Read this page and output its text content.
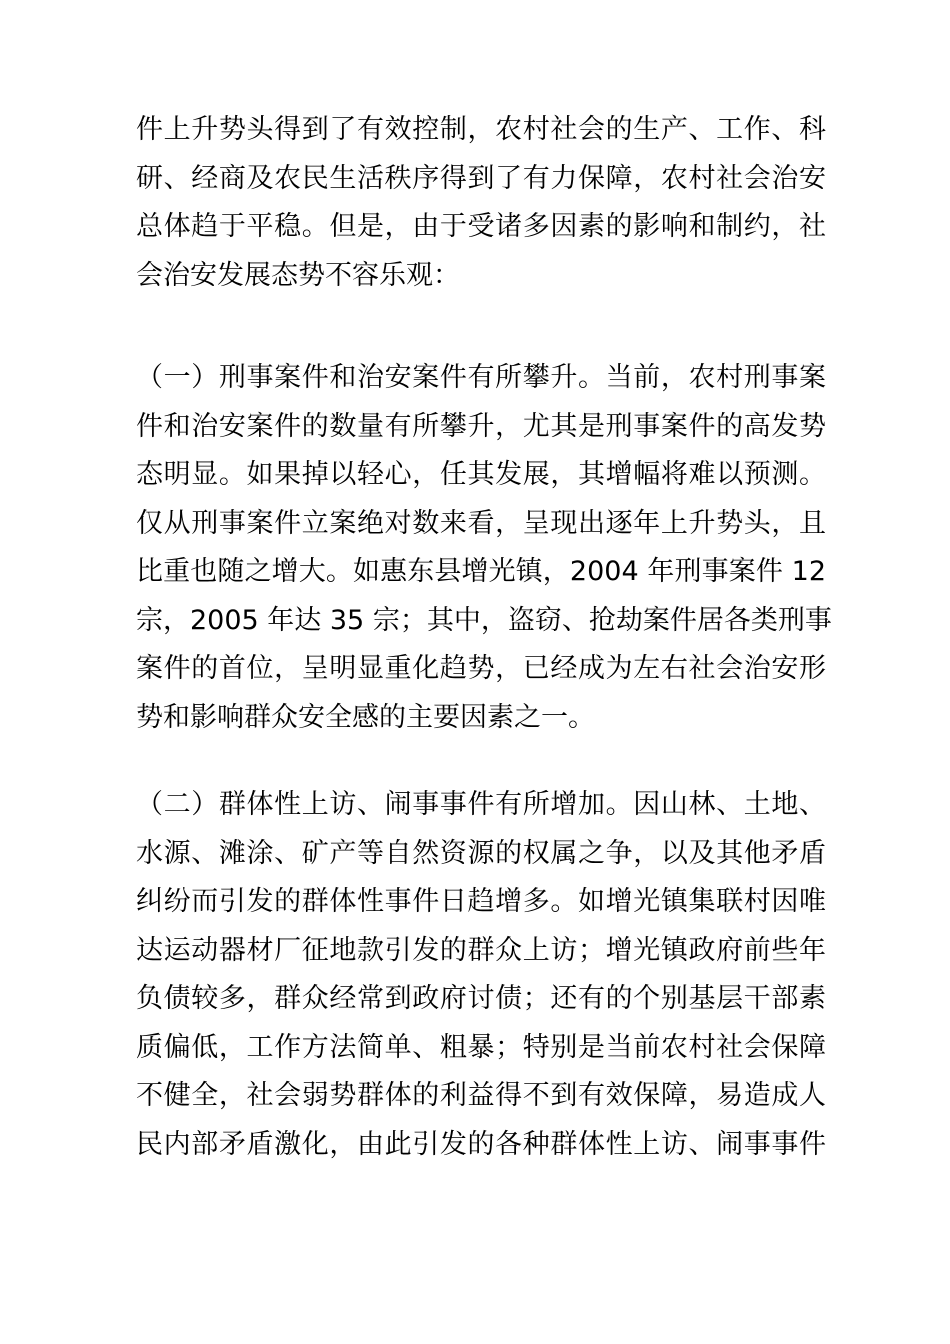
件上升势头得到了有效控制，农村社会的生产、工作、科
研、经商及农民生活秩序得到了有力保障，农村社会治安
总体趋于平稳。但是，由于受诸多因素的影响和制约，社
会治安发展态势不容乐观：
（一）刑事案件和治安案件有所攀升。当前，农村刑事案
件和治安案件的数量有所攀升，尤其是刑事案件的高发势
态明显。如果掉以轻心，任其发展，其增幅将难以预测。
仅从刑事案件立案绝对数来看，呈现出逐年上升势头，且
比重也随之增大。如惠东县增光镇，2004 年刑事案件 12
宗，2005 年达 35 宗；其中，盗窃、抢劫案件居各类刑事
案件的首位，呈明显重化趋势，已经成为左右社会治安形
势和影响群众安全感的主要因素之一。
（二）群体性上访、闹事事件有所增加。因山林、土地、
水源、滩涂、矿产等自然资源的权属之争，以及其他矛盾
纠纷而引发的群体性事件日趋增多。如增光镇集联村因唯
达运动器材厂征地款引发的群众上访；增光镇政府前些年
负债较多，群众经常到政府讨债；还有的个别基层干部素
质偏低，工作方法简单、粗暴；特别是当前农村社会保障
不健全，社会弱势群体的利益得不到有效保障，易造成人
民内部矛盾激化，由此引发的各种群体性上访、闹事事件
